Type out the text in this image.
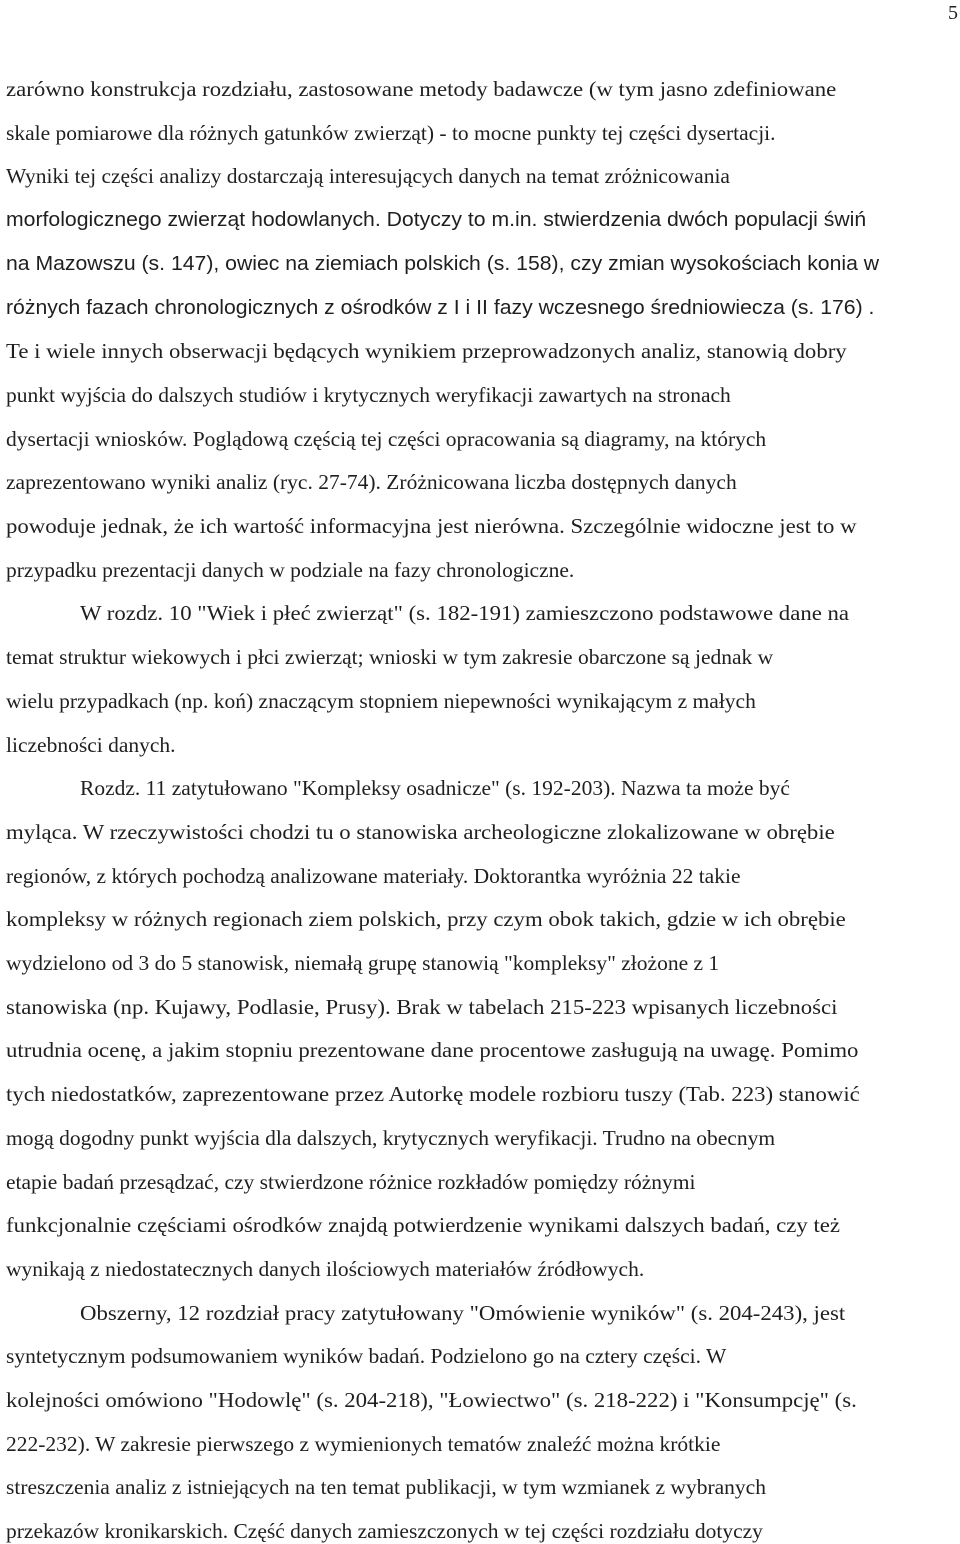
5
zarówno konstrukcja rozdziału, zastosowane metody badawcze (w tym jasno zdefiniowane
skale pomiarowe dla różnych gatunków zwierząt) - to mocne punkty tej części dysertacji.
Wyniki tej części analizy dostarczają interesujących danych na temat zróżnicowania
morfologicznego zwierząt hodowlanych. Dotyczy to m.in. stwierdzenia dwóch populacji świń
na Mazowszu (s. 147), owiec na ziemiach polskich (s. 158), czy zmian wysokościach konia w
różnych fazach chronologicznych z ośrodków z I i II fazy wczesnego średniowiecza (s. 176) .
Te i wiele innych obserwacji będących wynikiem przeprowadzonych analiz, stanowią dobry
punkt wyjścia do dalszych studiów i krytycznych weryfikacji zawartych na stronach
dysertacji wniosków. Poglądową częścią tej części opracowania są diagramy, na których
zaprezentowano wyniki analiz (ryc. 27-74). Zróżnicowana liczba dostępnych danych
powoduje jednak, że ich wartość informacyjna jest nierówna. Szczególnie widoczne jest to w
przypadku prezentacji danych w podziale na fazy chronologiczne.
W rozdz. 10 "Wiek i płeć zwierząt" (s. 182-191) zamieszczono podstawowe dane na
temat struktur wiekowych i płci zwierząt; wnioski w tym zakresie obarczone są jednak w
wielu przypadkach (np. koń) znaczącym stopniem niepewności wynikającym z małych
liczebności danych.
Rozdz. 11 zatytułowano "Kompleksy osadnicze" (s. 192-203). Nazwa ta może być
myląca. W rzeczywistości chodzi tu o stanowiska archeologiczne zlokalizowane w obrębie
regionów, z których pochodzą analizowane materiały. Doktorantka wyróżnia 22 takie
kompleksy w różnych regionach ziem polskich, przy czym obok takich, gdzie w ich obrębie
wydzielono od 3 do 5 stanowisk, niemałą grupę stanowią "kompleksy" złożone z 1
stanowiska (np. Kujawy, Podlasie, Prusy). Brak w tabelach 215-223 wpisanych liczebności
utrudnia ocenę, a jakim stopniu prezentowane dane procentowe zasługują na uwagę. Pomimo
tych niedostatków, zaprezentowane przez Autorkę modele rozbioru tuszy (Tab. 223) stanowić
mogą dogodny punkt wyjścia dla dalszych, krytycznych weryfikacji. Trudno na obecnym
etapie badań przesądzać, czy stwierdzone różnice rozkładów pomiędzy różnymi
funkcjonalnie częściami ośrodków znajdą potwierdzenie wynikami dalszych badań, czy też
wynikają z niedostatecznych danych ilościowych materiałów źródłowych.
Obszerny, 12 rozdział pracy zatytułowany "Omówienie wyników" (s. 204-243), jest
syntetycznym podsumowaniem wyników badań. Podzielono go na cztery części. W
kolejności omówiono "Hodowlę" (s. 204-218), "Łowiectwo" (s. 218-222) i "Konsumpcję" (s.
222-232). W zakresie pierwszego z wymienionych tematów znaleźć można krótkie
streszczenia analiz z istniejących na ten temat publikacji, w tym wzmianek z wybranych
przekazów kronikarskich. Część danych zamieszczonych w tej części rozdziału dotyczy
